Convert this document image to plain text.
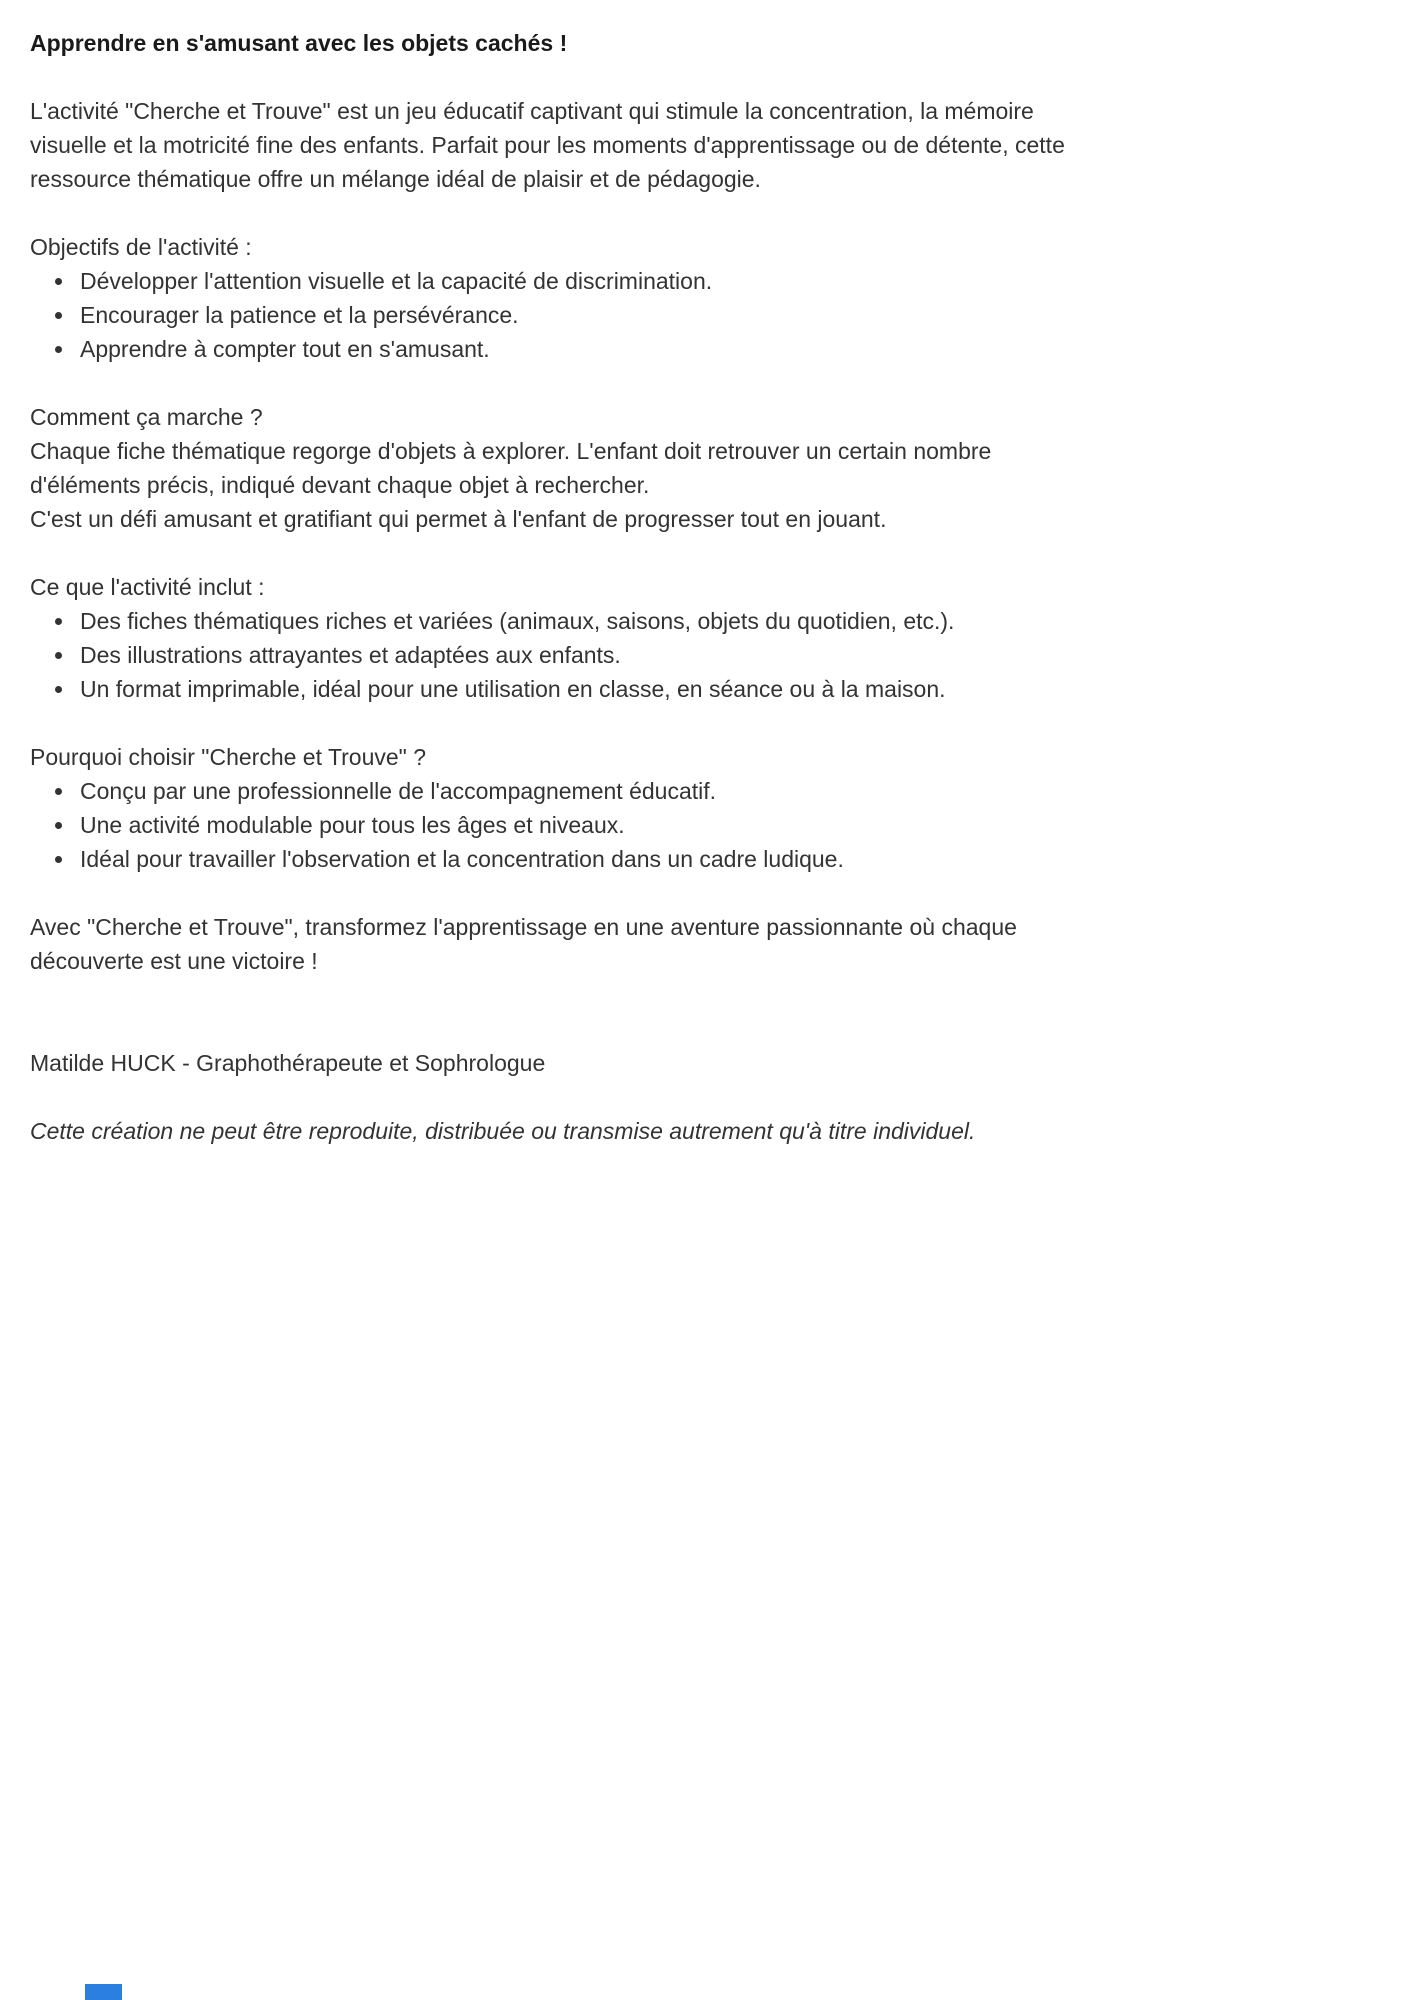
Apprendre en s'amusant avec les objets cachés !

L'activité "Cherche et Trouve" est un jeu éducatif captivant qui stimule la concentration, la mémoire visuelle et la motricité fine des enfants. Parfait pour les moments d'apprentissage ou de détente, cette ressource thématique offre un mélange idéal de plaisir et de pédagogie.

Objectifs de l'activité :

• Développer l'attention visuelle et la capacité de discrimination.
• Encourager la patience et la persévérance.
• Apprendre à compter tout en s'amusant.

Comment ça marche ?

Chaque fiche thématique regorge d'objets à explorer. L'enfant doit retrouver un certain nombre d'éléments précis, indiqué devant chaque objet à rechercher.

C'est un défi amusant et gratifiant qui permet à l'enfant de progresser tout en jouant.

Ce que l'activité inclut :

• Des fiches thématiques riches et variées (animaux, saisons, objets du quotidien, etc.).
• Des illustrations attrayantes et adaptées aux enfants.
• Un format imprimable, idéal pour une utilisation en classe, en séance ou à la maison.

Pourquoi choisir "Cherche et Trouve" ?

• Conçu par une professionnelle de l'accompagnement éducatif.
• Une activité modulable pour tous les âges et niveaux.
• Idéal pour travailler l'observation et la concentration dans un cadre ludique.

Avec "Cherche et Trouve", transformez l'apprentissage en une aventure passionnante où chaque découverte est une victoire !

Matilde HUCK - Graphothérapeute et Sophrologue

Cette création ne peut être reproduite, distribuée ou transmise autrement qu'à titre individuel.
